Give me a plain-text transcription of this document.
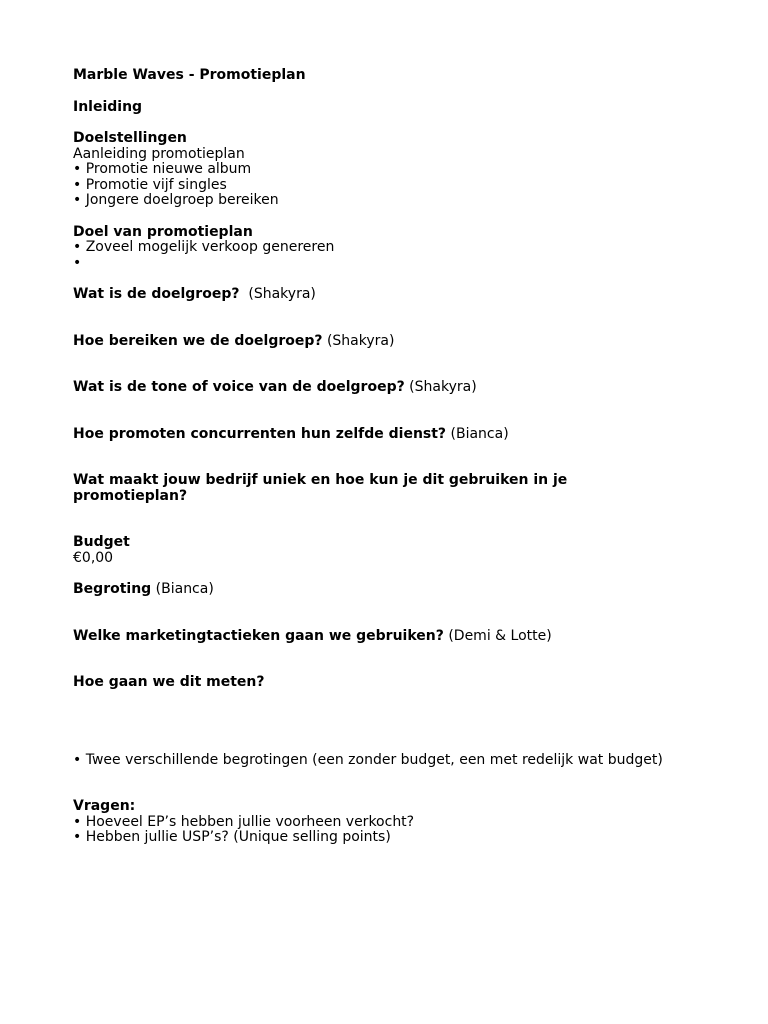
Marble Waves - Promotieplan
Inleiding
Doelstellingen
Aanleiding promotieplan
• Promotie nieuwe album
• Promotie vijf singles
• Jongere doelgroep bereiken
Doel van promotieplan
• Zoveel mogelijk verkoop genereren
•
Wat is de doelgroep?  (Shakyra)
Hoe bereiken we de doelgroep? (Shakyra)
Wat is de tone of voice van de doelgroep? (Shakyra)
Hoe promoten concurrenten hun zelfde dienst? (Bianca)
Wat maakt jouw bedrijf uniek en hoe kun je dit gebruiken in je promotieplan?
Budget
€0,00
Begroting (Bianca)
Welke marketingtactieken gaan we gebruiken? (Demi & Lotte)
Hoe gaan we dit meten?
• Twee verschillende begrotingen (een zonder budget, een met redelijk wat budget)
Vragen:
• Hoeveel EP’s hebben jullie voorheen verkocht?
• Hebben jullie USP’s? (Unique selling points)
